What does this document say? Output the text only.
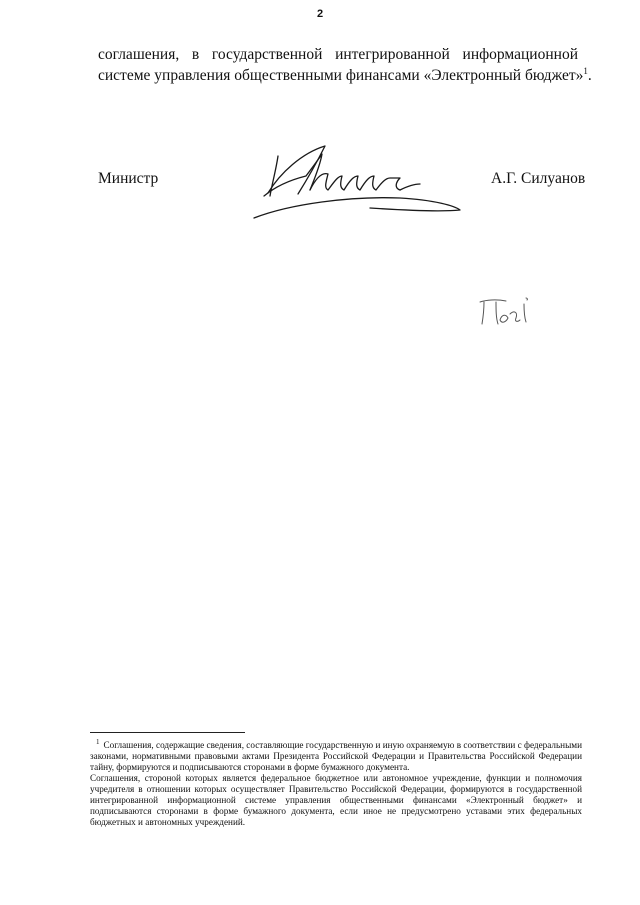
2
соглашения, в государственной интегрированной информационной
системе управления общественными финансами «Электронный бюджет»$^1$.
Министр	А.Г. Силуанов

$^1$ Соглашения, содержащие сведения, составляющие государственную и иную охраняемую в соответствии с федеральными законами, нормативными правовыми актами Президента Российской Федерации и Правительства Российской Федерации тайну, формируются и подписываются сторонами в форме бумажного документа.

Соглашения, стороной которых является федеральное бюджетное или автономное учреждение, функции и полномочия учредителя в отношении которых осуществляет Правительство Российской Федерации, формируются в государственной интегрированной информационной системе управления общественными финансами «Электронный бюджет» и подписываются сторонами в форме бумажного документа, если иное не предусмотрено уставами этих федеральных бюджетных и автономных учреждений.
